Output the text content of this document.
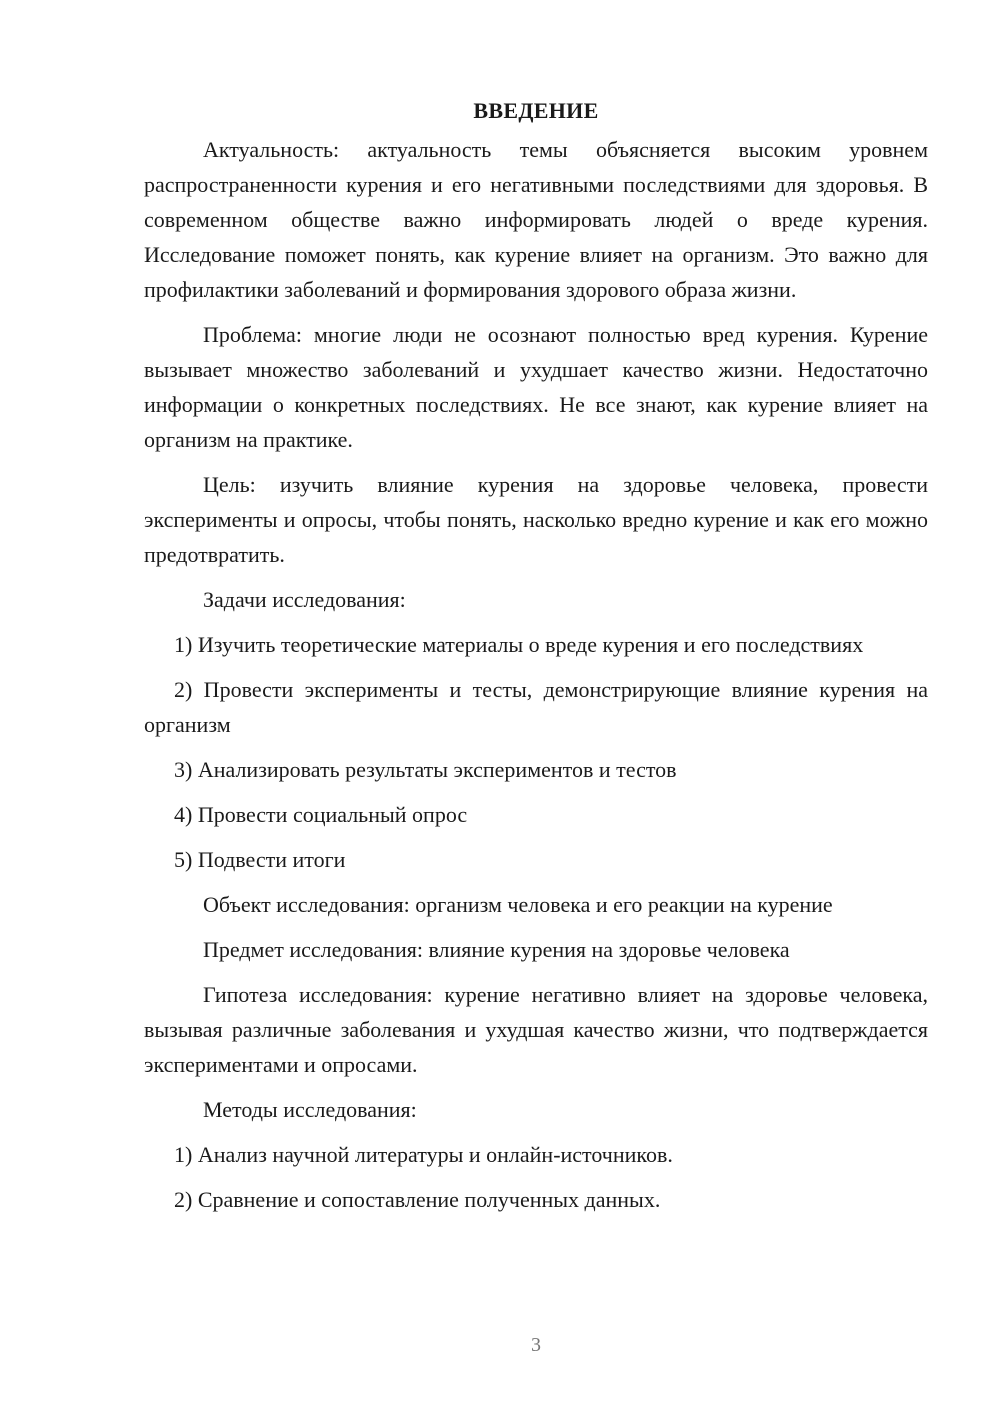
ВВЕДЕНИЕ

Актуальность: актуальность темы объясняется высоким уровнем распространенности курения и его негативными последствиями для здоровья. В современном обществе важно информировать людей о вреде курения. Исследование поможет понять, как курение влияет на организм. Это важно для профилактики заболеваний и формирования здорового образа жизни.

Проблема: многие люди не осознают полностью вред курения. Курение вызывает множество заболеваний и ухудшает качество жизни. Недостаточно информации о конкретных последствиях. Не все знают, как курение влияет на организм на практике.

Цель: изучить влияние курения на здоровье человека, провести эксперименты и опросы, чтобы понять, насколько вредно курение и как его можно предотвратить.

Задачи исследования:

1) Изучить теоретические материалы о вреде курения и его последствиях

2) Провести эксперименты и тесты, демонстрирующие влияние курения на организм

3) Анализировать результаты экспериментов и тестов

4) Провести социальный опрос

5) Подвести итоги

Объект исследования: организм человека и его реакции на курение

Предмет исследования: влияние курения на здоровье человека

Гипотеза исследования: курение негативно влияет на здоровье человека, вызывая различные заболевания и ухудшая качество жизни, что подтверждается экспериментами и опросами.

Методы исследования:

1) Анализ научной литературы и онлайн-источников.

2) Сравнение и сопоставление полученных данных.

3
